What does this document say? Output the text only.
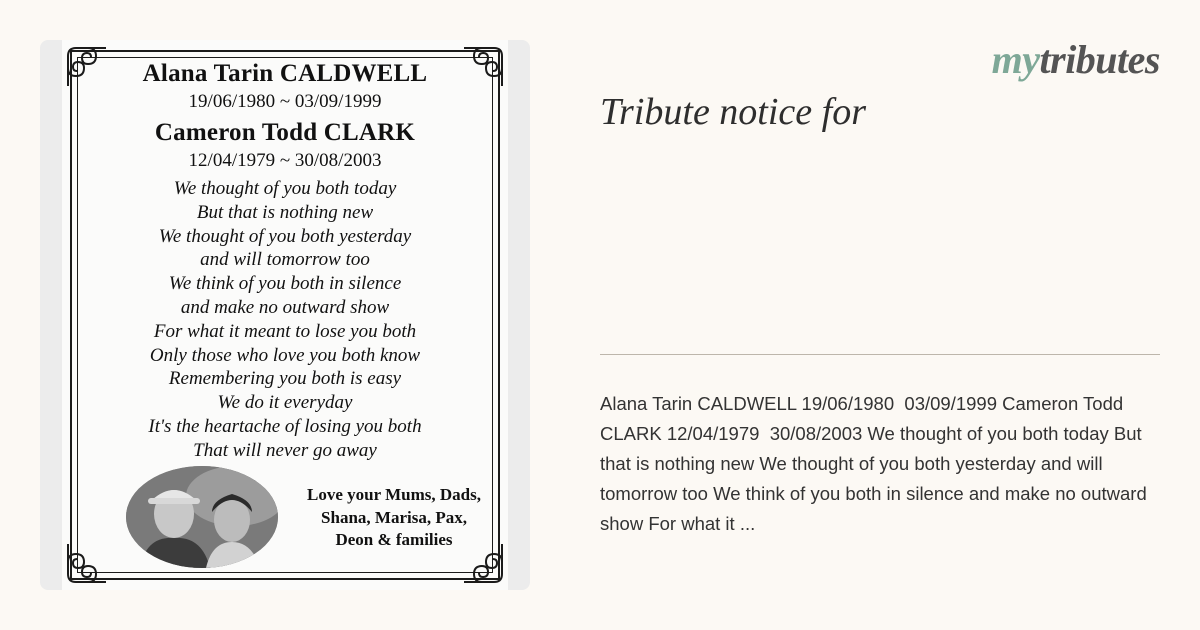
Alana Tarin CALDWELL
19/06/1980 ~ 03/09/1999
Cameron Todd CLARK
12/04/1979 ~ 30/08/2003
We thought of you both today
But that is nothing new
We thought of you both yesterday
and will tomorrow too
We think of you both in silence
and make no outward show
For what it meant to lose you both
Only those who love you both know
Remembering you both is easy
We do it everyday
It's the heartache of losing you both
That will never go away
Love your Mums, Dads,
Shana, Marisa, Pax,
Deon & families
mytributes
Tribute notice for
Alana Tarin CALDWELL 19/06/1980  03/09/1999 Cameron Todd CLARK 12/04/1979  30/08/2003 We thought of you both today But that is nothing new We thought of you both yesterday and will tomorrow too We think of you both in silence and make no outward show For what it ...
